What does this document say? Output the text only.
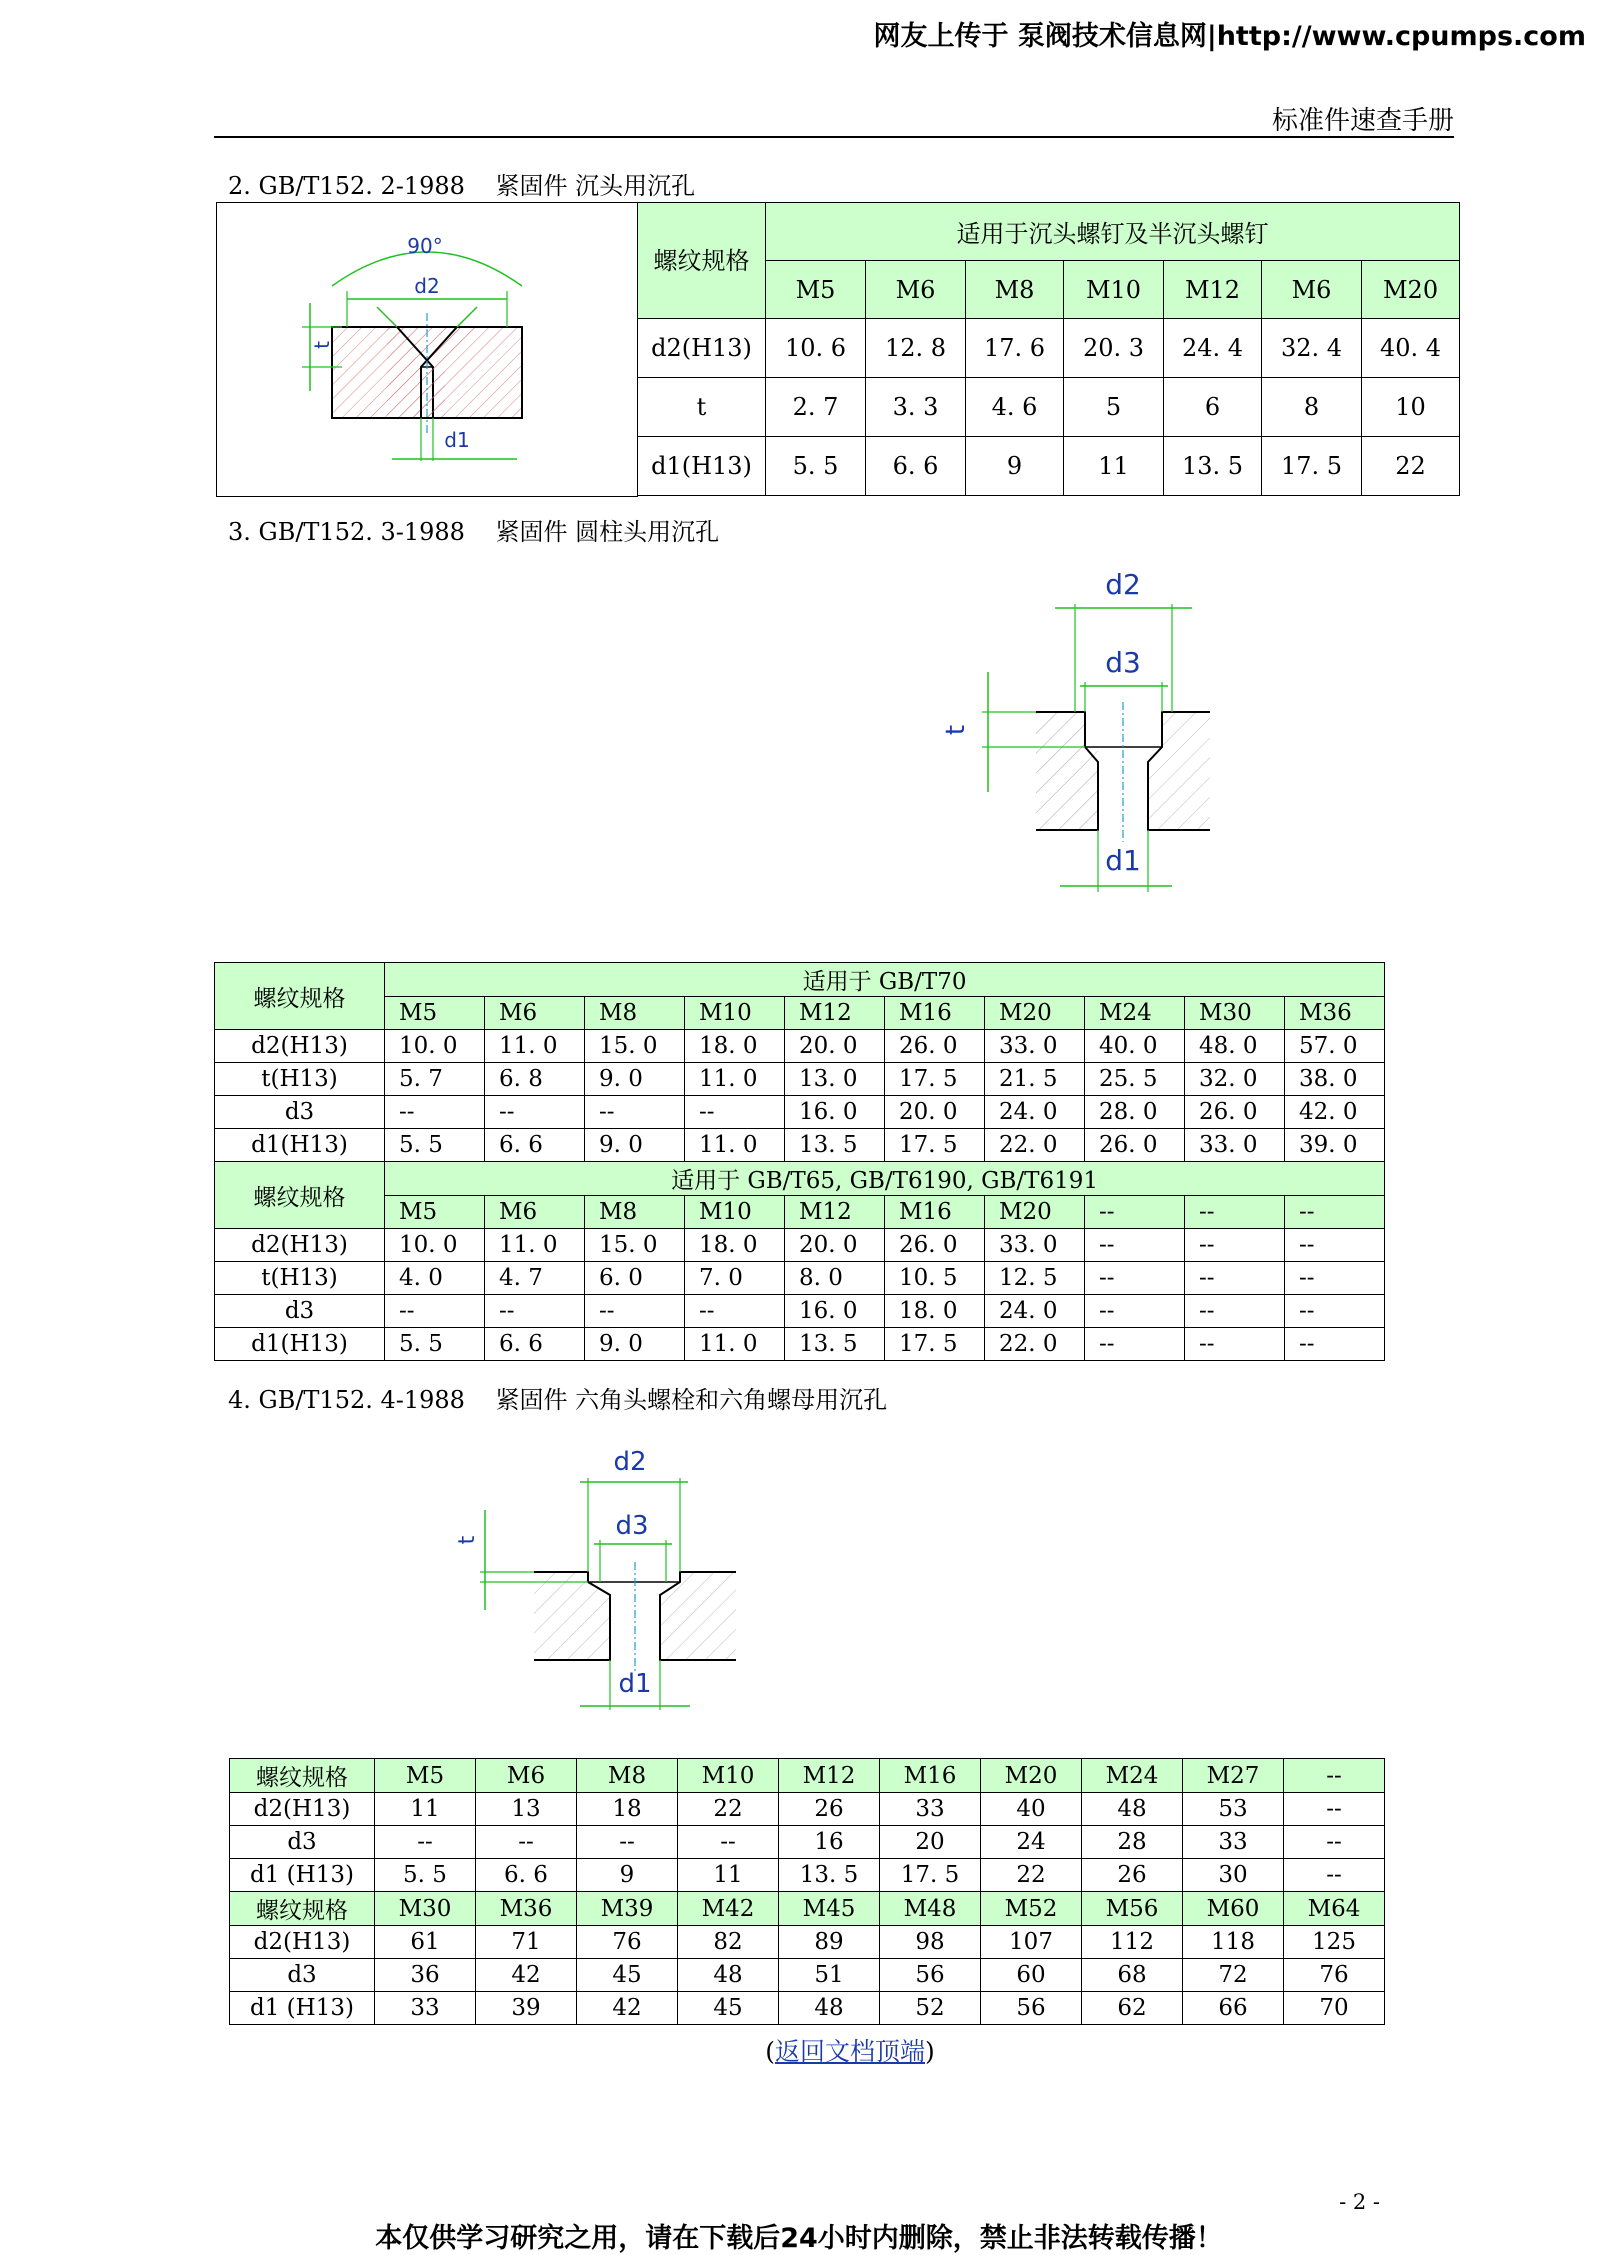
网友上传于 泵阀技术信息网|http://www.cpumps.com
标准件速查手册
2. GB/T152. 2-1988    紧固件 沉头用沉孔
90°
d2
t
d1
螺纹规格	适用于沉头螺钉及半沉头螺钉						
	M5	M6	M8	M10	M12	M6	M20
d2(H13)	10. 6	12. 8	17. 6	20. 3	24. 4	32. 4	40. 4
t	2. 7	3. 3	4. 6	5	6	8	10
d1(H13)	5. 5	6. 6	9	11	13. 5	17. 5	22
3. GB/T152. 3-1988    紧固件 圆柱头用沉孔
d2
d3
t
d1
螺纹规格	适用于 GB/T70									
	M5	M6	M8	M10	M12	M16	M20	M24	M30	M36
d2(H13)	10. 0	11. 0	15. 0	18. 0	20. 0	26. 0	33. 0	40. 0	48. 0	57. 0
t(H13)	5. 7	6. 8	9. 0	11. 0	13. 0	17. 5	21. 5	25. 5	32. 0	38. 0
d3	--	--	--	--	16. 0	20. 0	24. 0	28. 0	26. 0	42. 0
d1(H13)	5. 5	6. 6	9. 0	11. 0	13. 5	17. 5	22. 0	26. 0	33. 0	39. 0
螺纹规格	适用于 GB/T65, GB/T6190, GB/T6191									
	M5	M6	M8	M10	M12	M16	M20	--	--	--
d2(H13)	10. 0	11. 0	15. 0	18. 0	20. 0	26. 0	33. 0	--	--	--
t(H13)	4. 0	4. 7	6. 0	7. 0	8. 0	10. 5	12. 5	--	--	--
d3	--	--	--	--	16. 0	18. 0	24. 0	--	--	--
d1(H13)	5. 5	6. 6	9. 0	11. 0	13. 5	17. 5	22. 0	--	--	--
4. GB/T152. 4-1988    紧固件 六角头螺栓和六角螺母用沉孔
d2
d3
t
d1
螺纹规格	M5	M6	M8	M10	M12	M16	M20	M24	M27	--
d2(H13)	11	13	18	22	26	33	40	48	53	--
d3	--	--	--	--	16	20	24	28	33	--
d1 (H13)	5. 5	6. 6	9	11	13. 5	17. 5	22	26	30	--
螺纹规格	M30	M36	M39	M42	M45	M48	M52	M56	M60	M64
d2(H13)	61	71	76	82	89	98	107	112	118	125
d3	36	42	45	48	51	56	60	68	72	76
d1 (H13)	33	39	42	45	48	52	56	62	66	70
(返回文档顶端)
- 2 -
本仅供学习研究之用，请在下载后24小时内删除，禁止非法转载传播！
